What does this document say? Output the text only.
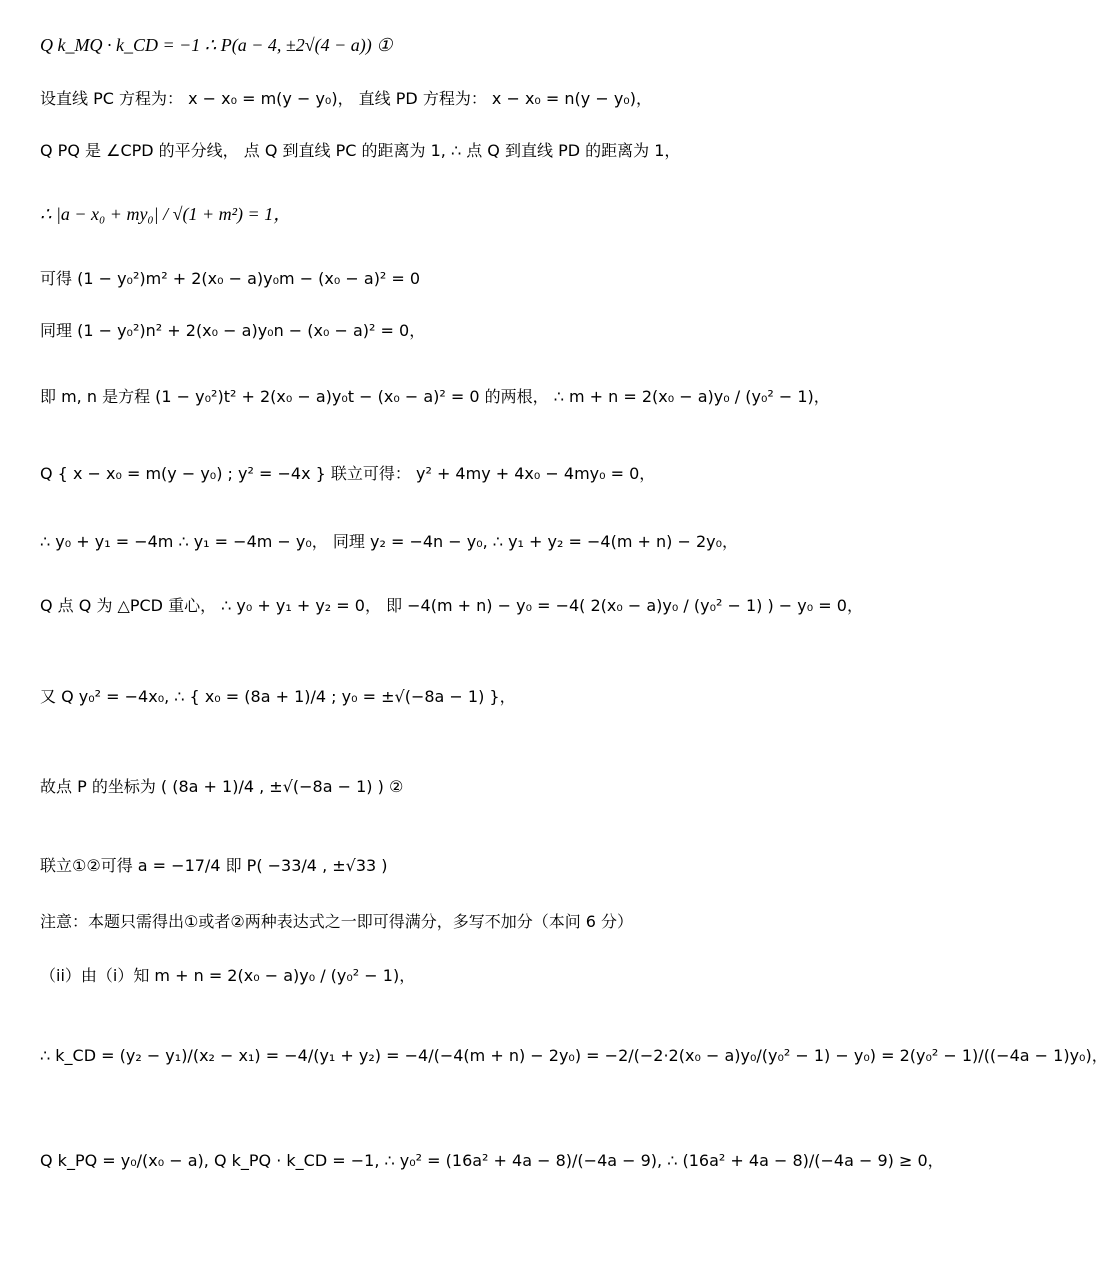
Q k_MQ · k_CD = −1 ∴ P(a − 4, ±2√(4 − a)) ①
设直线 PC 方程为： x − x₀ = m(y − y₀)， 直线 PD 方程为： x − x₀ = n(y − y₀)，
Q PQ 是 ∠CPD 的平分线， 点 Q 到直线 PC 的距离为 1, ∴ 点 Q 到直线 PD 的距离为 1，
∴ |a − x₀ + my₀| / √(1 + m²) = 1，
可得 (1 − y₀²)m² + 2(x₀ − a)y₀m − (x₀ − a)² = 0
同理 (1 − y₀²)n² + 2(x₀ − a)y₀n − (x₀ − a)² = 0，
即 m, n 是方程 (1 − y₀²)t² + 2(x₀ − a)y₀t − (x₀ − a)² = 0 的两根， ∴ m + n = 2(x₀ − a)y₀ / (y₀² − 1)，
Q { x − x₀ = m(y − y₀) ; y² = −4x } 联立可得： y² + 4my + 4x₀ − 4my₀ = 0，
∴ y₀ + y₁ = −4m ∴ y₁ = −4m − y₀， 同理 y₂ = −4n − y₀, ∴ y₁ + y₂ = −4(m + n) − 2y₀，
Q 点 Q 为 △PCD 重心， ∴ y₀ + y₁ + y₂ = 0， 即 −4(m + n) − y₀ = −4( 2(x₀ − a)y₀ / (y₀² − 1) ) − y₀ = 0，
又 Q y₀² = −4x₀, ∴ { x₀ = (8a + 1)/4 ; y₀ = ±√(−8a − 1) }，
故点 P 的坐标为 ( (8a + 1)/4 , ±√(−8a − 1) ) ②
联立①②可得 a = −17/4 即 P( −33/4 , ±√33 )
注意：本题只需得出①或者②两种表达式之一即可得满分，多写不加分（本问 6 分）
（ii）由（i）知 m + n = 2(x₀ − a)y₀ / (y₀² − 1)，
∴ k_CD = (y₂ − y₁)/(x₂ − x₁) = −4/(y₁ + y₂) = −4/(−4(m + n) − 2y₀) = −2/(−2·2(x₀ − a)y₀/(y₀² − 1) − y₀) = 2(y₀² − 1)/((−4a − 1)y₀)，
Q k_PQ = y₀/(x₀ − a), Q k_PQ · k_CD = −1, ∴ y₀² = (16a² + 4a − 8)/(−4a − 9), ∴ (16a² + 4a − 8)/(−4a − 9) ≥ 0，
